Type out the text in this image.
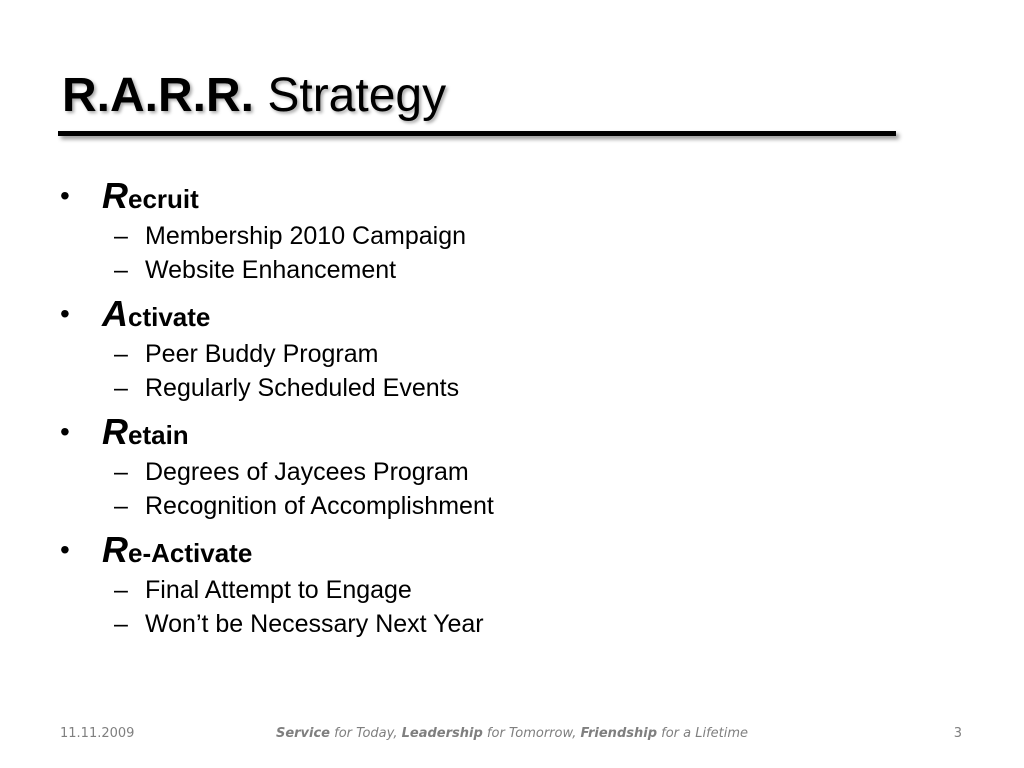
R.A.R.R. Strategy
• Recruit
– Membership 2010 Campaign
– Website Enhancement
• Activate
– Peer Buddy Program
– Regularly Scheduled Events
• Retain
– Degrees of Jaycees Program
– Recognition of Accomplishment
• Re-Activate
– Final Attempt to Engage
– Won’t be Necessary Next Year
11.11.2009	Service for Today, Leadership for Tomorrow, Friendship for a Lifetime	3
